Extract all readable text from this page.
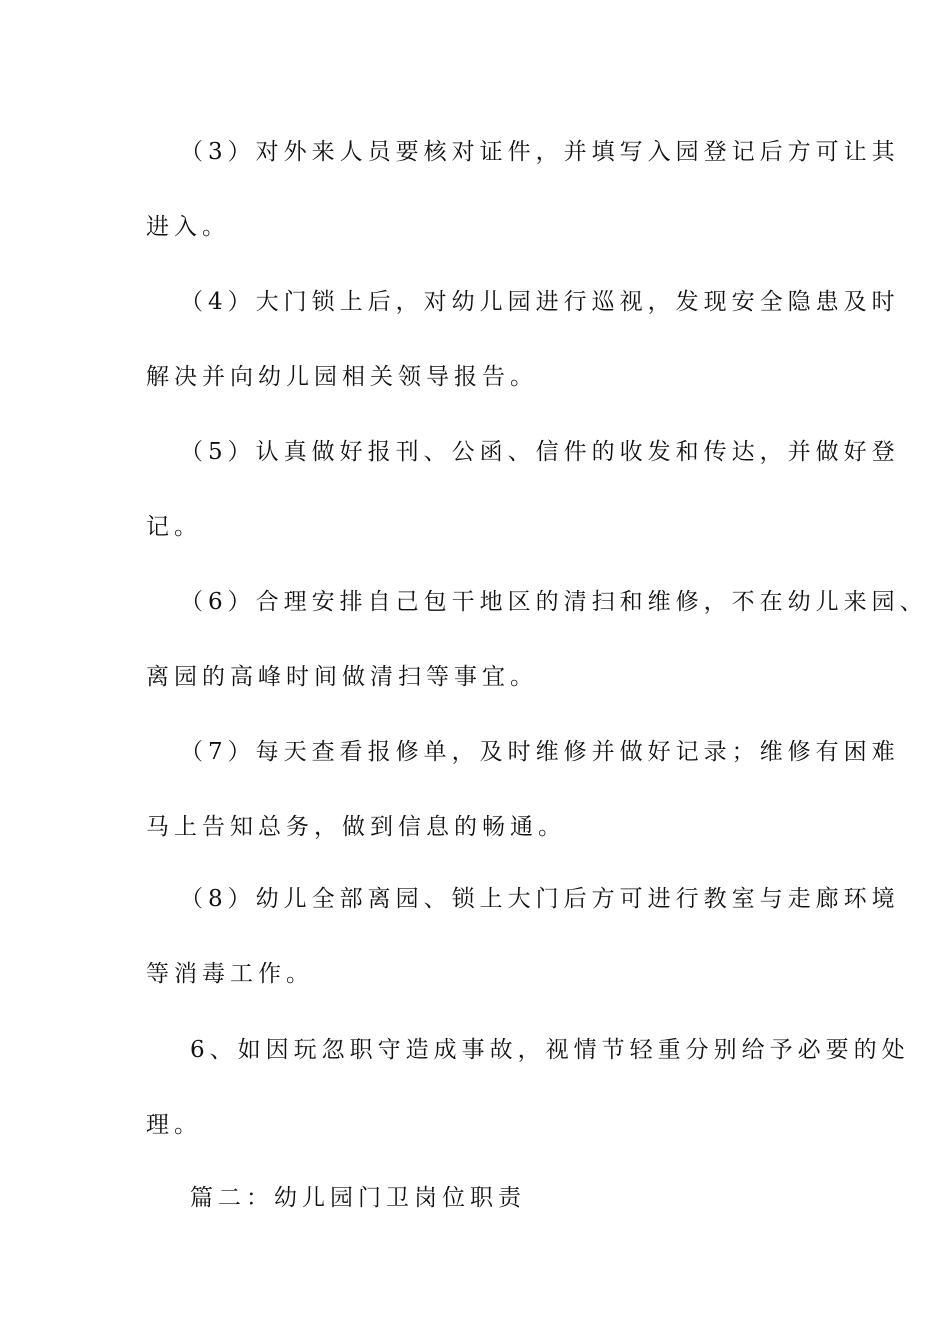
（3）对外来人员要核对证件，并填写入园登记后方可让其
进入。
（4）大门锁上后，对幼儿园进行巡视，发现安全隐患及时
解决并向幼儿园相关领导报告。
（5）认真做好报刊、公函、信件的收发和传达，并做好登
记。
（6）合理安排自己包干地区的清扫和维修，不在幼儿来园、
离园的高峰时间做清扫等事宜。
（7）每天查看报修单，及时维修并做好记录；维修有困难
马上告知总务，做到信息的畅通。
（8）幼儿全部离园、锁上大门后方可进行教室与走廊环境
等消毒工作。
6、如因玩忽职守造成事故，视情节轻重分别给予必要的处
理。
篇二：幼儿园门卫岗位职责
